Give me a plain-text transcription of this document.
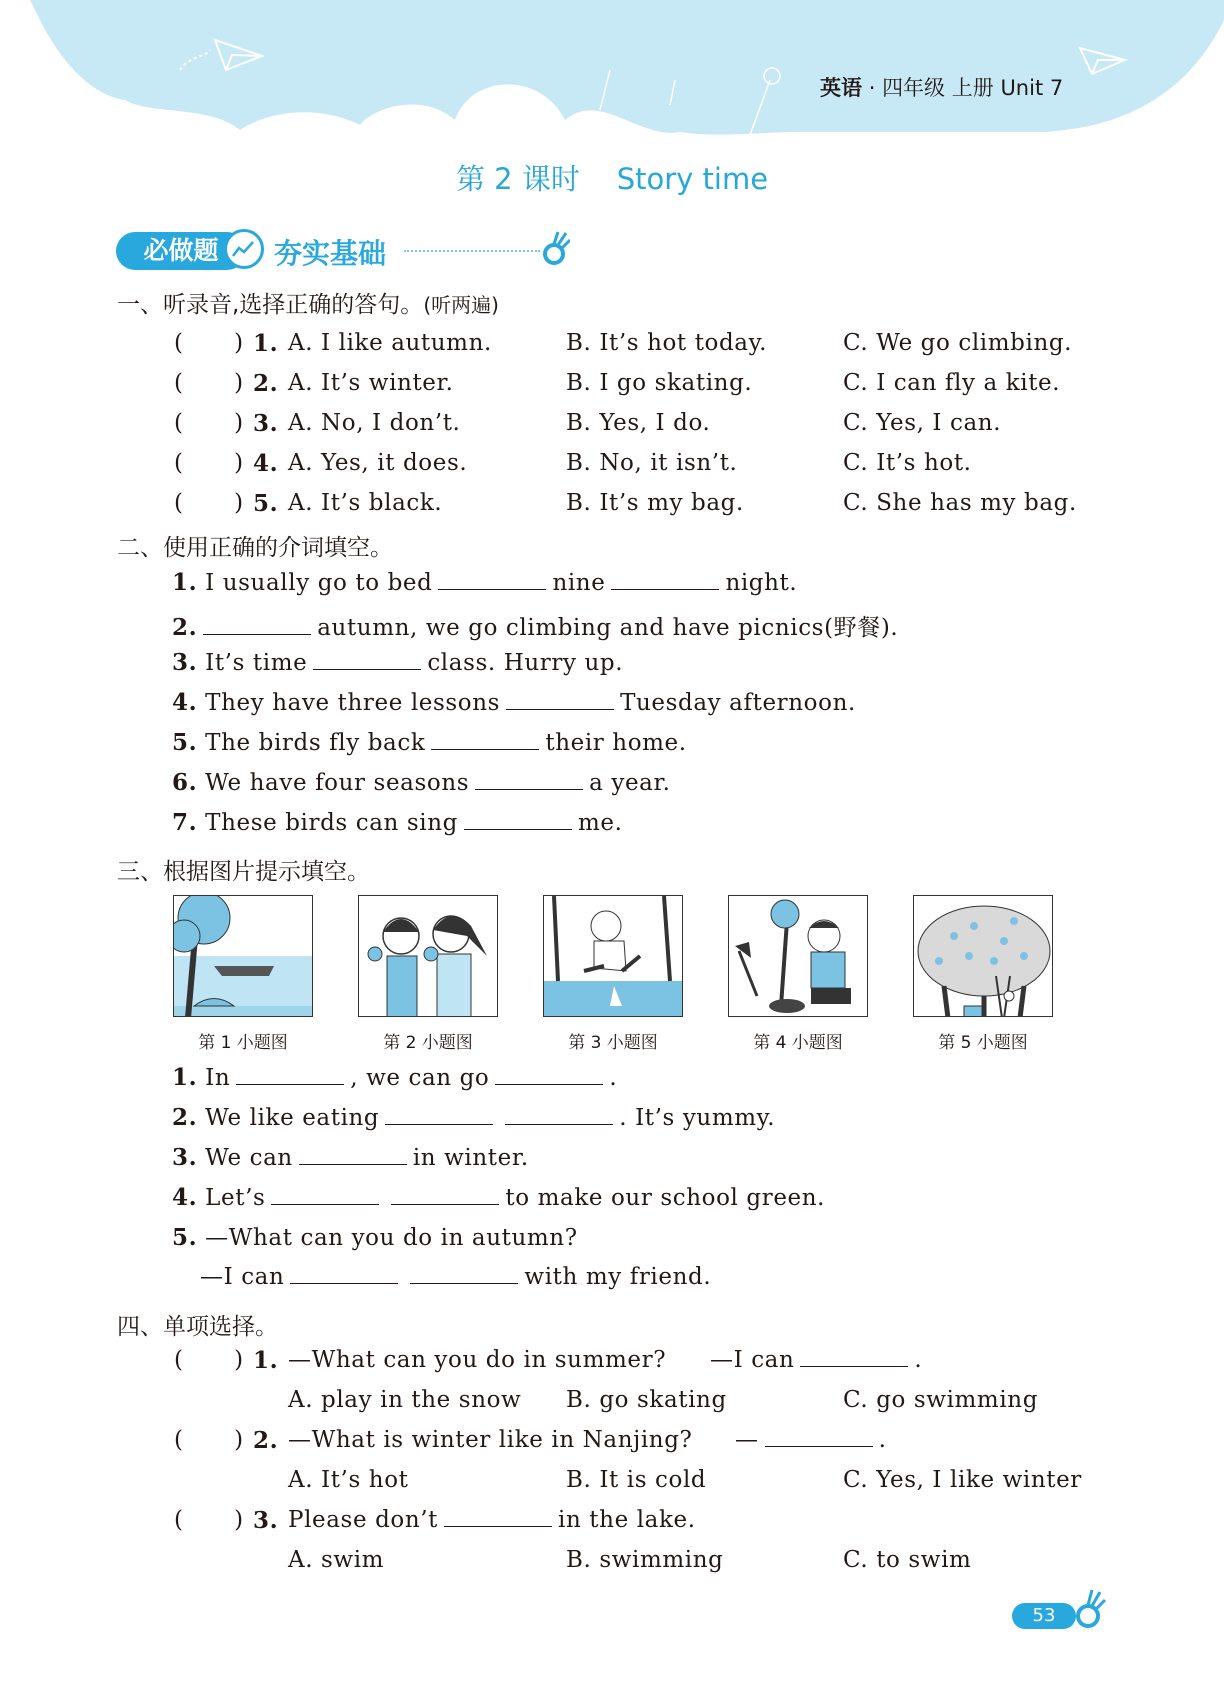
英语 · 四年级 上册 Unit 7
第 2 课时    Story time
必做题	夯实基础
一、听录音,选择正确的答句。(听两遍)
(       ) 1. A. I like autumn.	B. It’s hot today.	C. We go climbing.
(       ) 2. A. It’s winter.	B. I go skating.	C. I can fly a kite.
(       ) 3. A. No, I don’t.	B. Yes, I do.	C. Yes, I can.
(       ) 4. A. Yes, it does.	B. No, it isn’t.	C. It’s hot.
(       ) 5. A. It’s black.	B. It’s my bag.	C. She has my bag.
二、使用正确的介词填空。
1. I usually go to bed	nine	night.
2.	autumn, we go climbing and have picnics(野餐).
3. It’s time	class. Hurry up.
4. They have three lessons	Tuesday afternoon.
5. The birds fly back	their home.
6. We have four seasons	a year.
7. These birds can sing	me.
三、根据图片提示填空。
第 1 小题图	第 2 小题图	第 3 小题图	第 4 小题图	第 5 小题图
1. In	, we can go	.
2. We like eating	. It’s yummy.
3. We can	in winter.
4. Let’s	to make our school green.
5. —What can you do in autumn?
—I can	with my friend.
四、单项选择。
(       ) 1. —What can you do in summer? —I can	.
A. play in the snow B. go skating	C. go swimming
(       ) 2. —What is winter like in Nanjing? —	.
A. It’s hot	B. It is cold	C. Yes, I like winter
(       ) 3. Please don’t	in the lake.
A. swim	B. swimming	C. to swim
53
